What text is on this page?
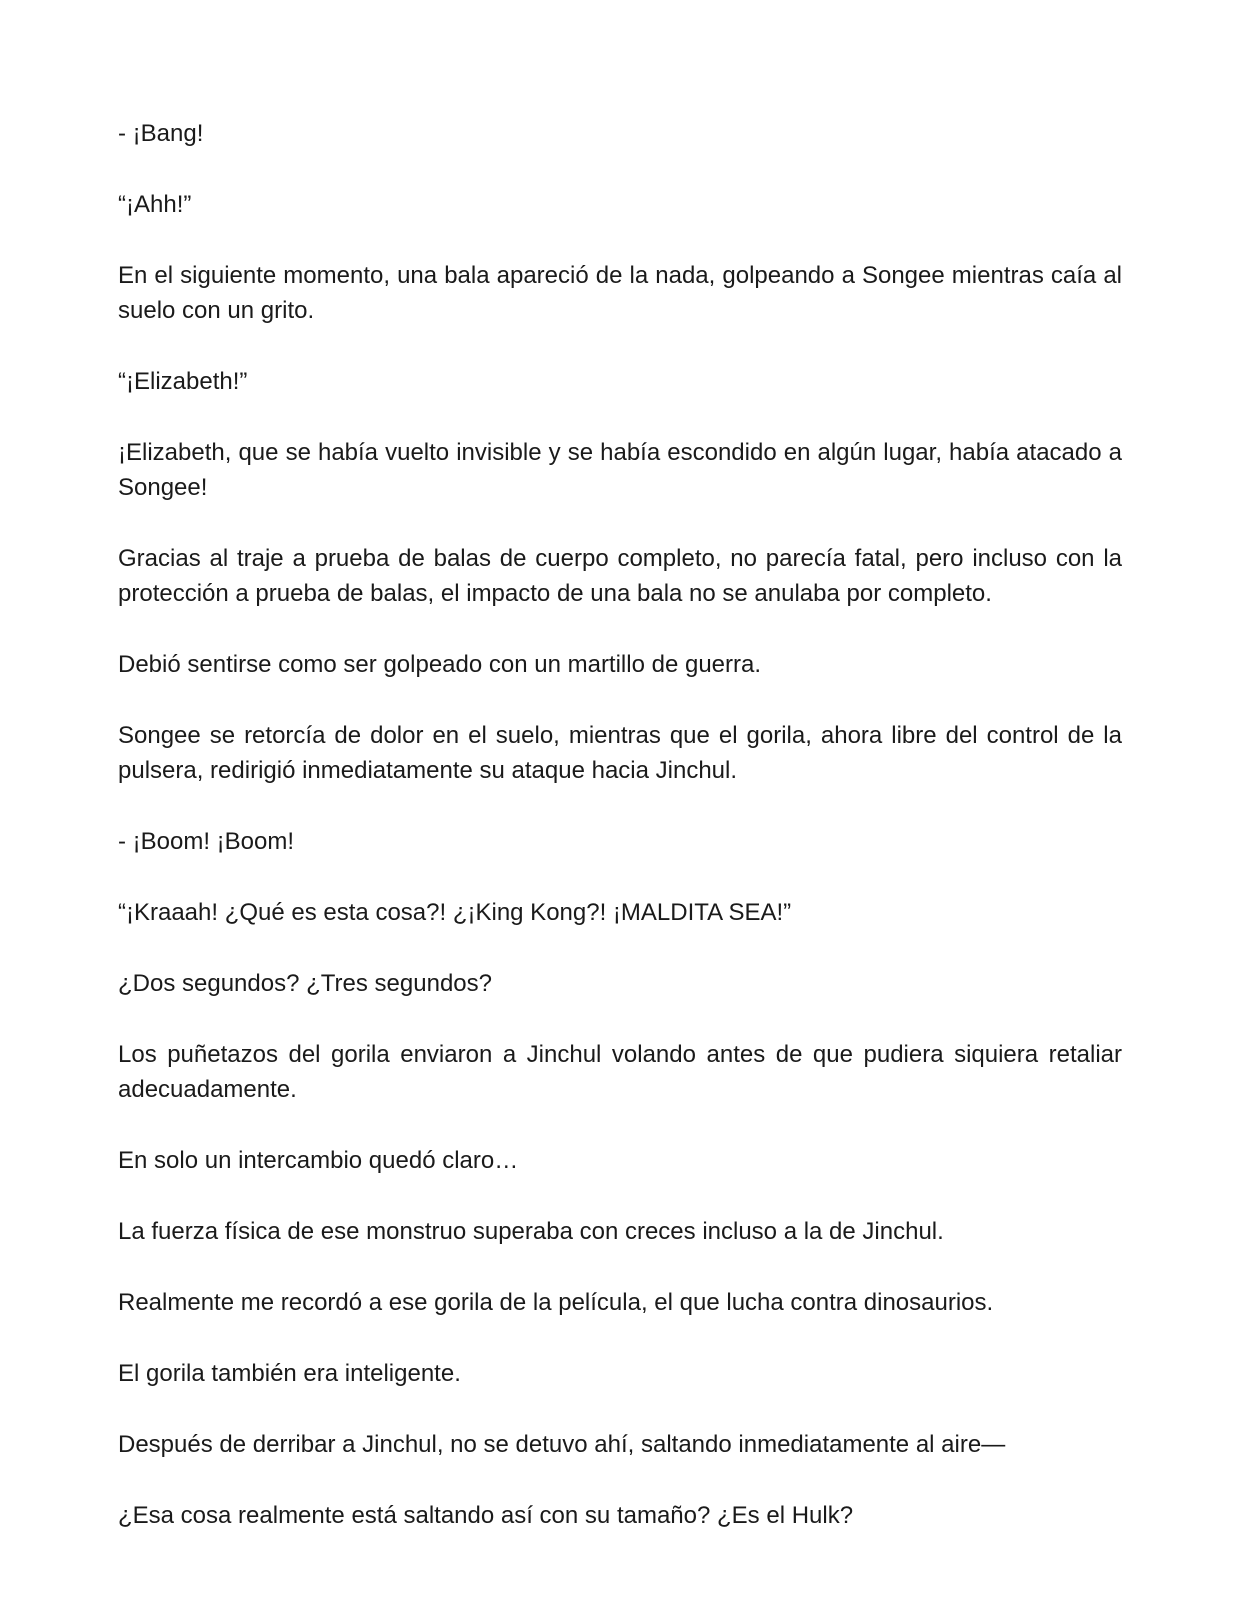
- ¡Bang!

“¡Ahh!”

En el siguiente momento, una bala apareció de la nada, golpeando a Songee mientras caía al suelo con un grito.

“¡Elizabeth!”

¡Elizabeth, que se había vuelto invisible y se había escondido en algún lugar, había atacado a Songee!

Gracias al traje a prueba de balas de cuerpo completo, no parecía fatal, pero incluso con la protección a prueba de balas, el impacto de una bala no se anulaba por completo.

Debió sentirse como ser golpeado con un martillo de guerra.

Songee se retorcía de dolor en el suelo, mientras que el gorila, ahora libre del control de la pulsera, redirigió inmediatamente su ataque hacia Jinchul.

- ¡Boom! ¡Boom!

“¡Kraaah! ¿Qué es esta cosa?! ¿¡King Kong?! ¡MALDITA SEA!”

¿Dos segundos? ¿Tres segundos?

Los puñetazos del gorila enviaron a Jinchul volando antes de que pudiera siquiera retaliar adecuadamente.

En solo un intercambio quedó claro…

La fuerza física de ese monstruo superaba con creces incluso a la de Jinchul.

Realmente me recordó a ese gorila de la película, el que lucha contra dinosaurios.

El gorila también era inteligente.

Después de derribar a Jinchul, no se detuvo ahí, saltando inmediatamente al aire—

¿Esa cosa realmente está saltando así con su tamaño? ¿Es el Hulk?
